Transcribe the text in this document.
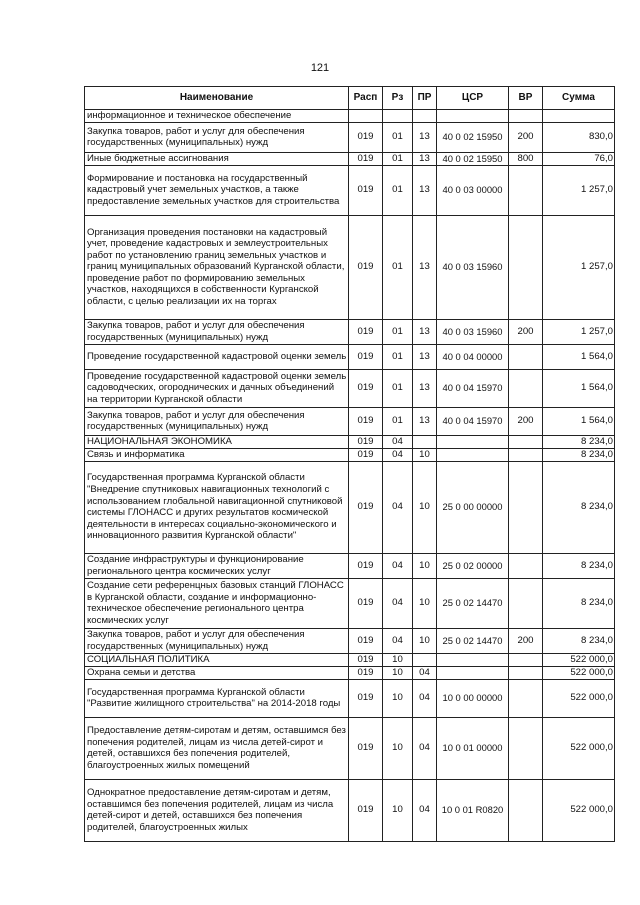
121
Наименование	Расп	Рз	ПР	ЦСР	ВР	Сумма
информационное и техническое обеспечение						
Закупка товаров, работ и услуг для обеспечения государственных (муниципальных) нужд	019	01	13	40 0 02 15950	200	830,0
Иные бюджетные ассигнования	019	01	13	40 0 02 15950	800	76,0
Формирование и постановка на государственный кадастровый учет земельных участков, а также предоставление земельных участков для строительства	019	01	13	40 0 03 00000		1 257,0
Организация проведения постановки на кадастровый учет, проведение кадастровых и землеустроительных работ по установлению границ земельных участков и границ муниципальных образований Курганской области, проведение работ по формированию земельных участков, находящихся в собственности Курганской области, с целью реализации их на торгах	019	01	13	40 0 03 15960		1 257,0
Закупка товаров, работ и услуг для обеспечения государственных (муниципальных) нужд	019	01	13	40 0 03 15960	200	1 257,0
Проведение государственной кадастровой оценки земель	019	01	13	40 0 04 00000		1 564,0
Проведение государственной кадастровой оценки земель садоводческих, огороднических и дачных объединений на территории Курганской области	019	01	13	40 0 04 15970		1 564,0
Закупка товаров, работ и услуг для обеспечения государственных (муниципальных) нужд	019	01	13	40 0 04 15970	200	1 564,0
НАЦИОНАЛЬНАЯ ЭКОНОМИКА	019	04				8 234,0
Связь и информатика	019	04	10			8 234,0
Государственная программа Курганской области "Внедрение спутниковых навигационных технологий с использованием глобальной навигационной спутниковой системы ГЛОНАСС и других результатов космической деятельности в интересах социально-экономического и инновационного развития Курганской области"	019	04	10	25 0 00 00000		8 234,0
Создание инфраструктуры и функционирование регионального центра космических услуг	019	04	10	25 0 02 00000		8 234,0
Создание сети референцных базовых станций ГЛОНАСС в Курганской области, создание и информационно-техническое обеспечение регионального центра космических услуг	019	04	10	25 0 02 14470		8 234,0
Закупка товаров, работ и услуг для обеспечения государственных (муниципальных) нужд	019	04	10	25 0 02 14470	200	8 234,0
СОЦИАЛЬНАЯ ПОЛИТИКА	019	10				522 000,0
Охрана семьи и детства	019	10	04			522 000,0
Государственная программа Курганской области "Развитие жилищного строительства" на 2014-2018 годы	019	10	04	10 0 00 00000		522 000,0
Предоставление детям-сиротам и детям, оставшимся без попечения родителей, лицам из числа детей-сирот и детей, оставшихся без попечения родителей, благоустроенных жилых помещений	019	10	04	10 0 01 00000		522 000,0
Однократное предоставление детям-сиротам и детям, оставшимся без попечения родителей, лицам из числа детей-сирот и детей, оставшихся без попечения родителей, благоустроенных жилых	019	10	04	10 0 01 R0820		522 000,0
